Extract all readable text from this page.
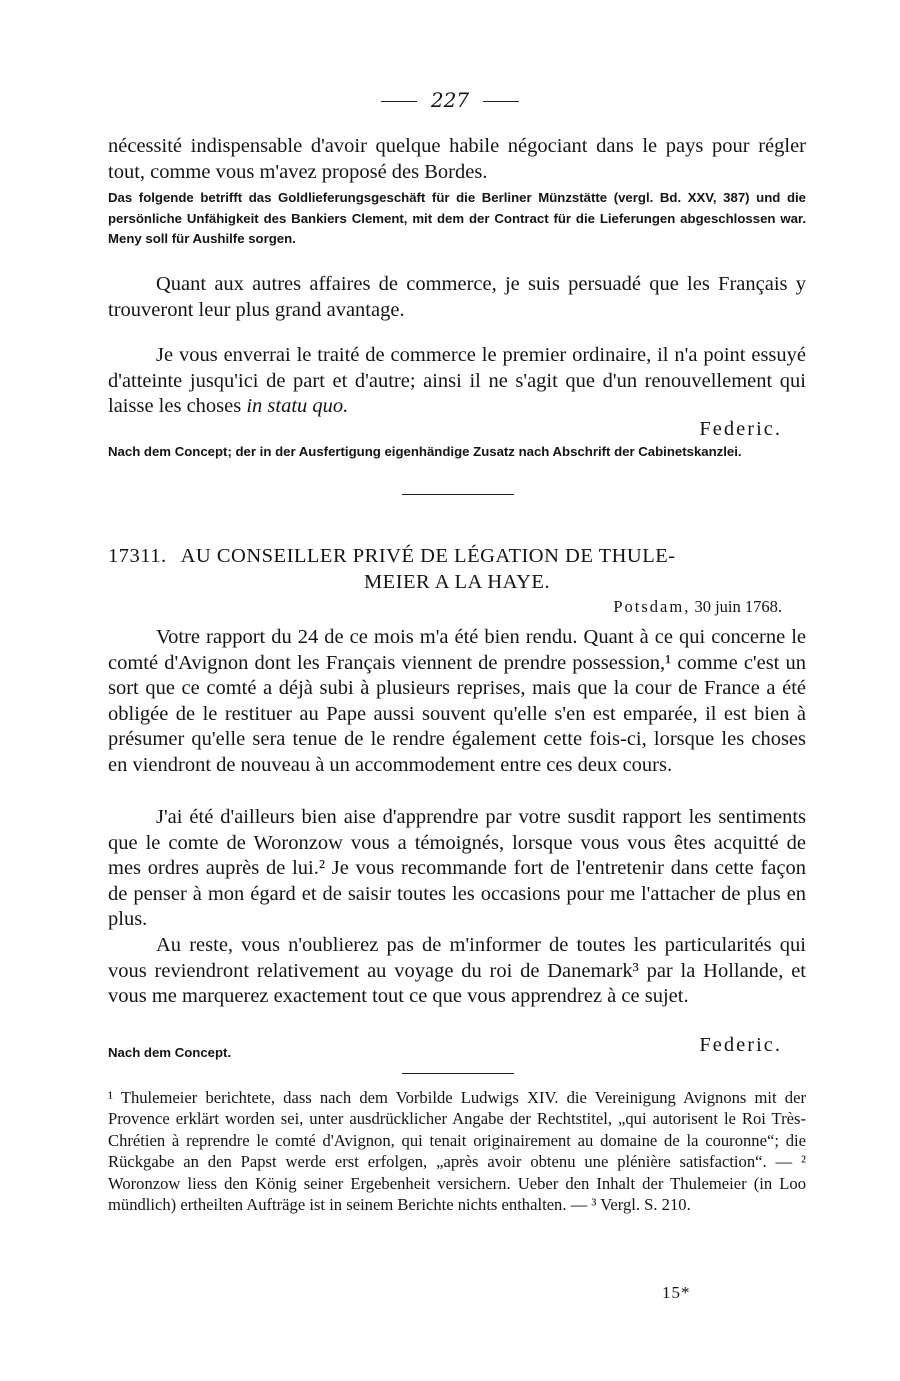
227
nécessité indispensable d'avoir quelque habile négociant dans le pays pour régler tout, comme vous m'avez proposé des Bordes.
Das folgende betrifft das Goldlieferungsgeschäft für die Berliner Münzstätte (vergl. Bd. XXV, 387) und die persönliche Unfähigkeit des Bankiers Clement, mit dem der Contract für die Lieferungen abgeschlossen war. Meny soll für Aushilfe sorgen.
Quant aux autres affaires de commerce, je suis persuadé que les Français y trouveront leur plus grand avantage.
Je vous enverrai le traité de commerce le premier ordinaire, il n'a point essuyé d'atteinte jusqu'ici de part et d'autre; ainsi il ne s'agit que d'un renouvellement qui laisse les choses in statu quo.
Federic.
Nach dem Concept; der in der Ausfertigung eigenhändige Zusatz nach Abschrift der Cabinetskanzlei.
17311. AU CONSEILLER PRIVÉ DE LÉGATION DE THULE-
MEIER A LA HAYE.
Potsdam, 30 juin 1768.
Votre rapport du 24 de ce mois m'a été bien rendu. Quant à ce qui concerne le comté d'Avignon dont les Français viennent de prendre possession,¹ comme c'est un sort que ce comté a déjà subi à plusieurs reprises, mais que la cour de France a été obligée de le restituer au Pape aussi souvent qu'elle s'en est emparée, il est bien à présumer qu'elle sera tenue de le rendre également cette fois-ci, lorsque les choses en viendront de nouveau à un accommodement entre ces deux cours.
J'ai été d'ailleurs bien aise d'apprendre par votre susdit rapport les sentiments que le comte de Woronzow vous a témoignés, lorsque vous vous êtes acquitté de mes ordres auprès de lui.² Je vous recommande fort de l'entretenir dans cette façon de penser à mon égard et de saisir toutes les occasions pour me l'attacher de plus en plus.
Au reste, vous n'oublierez pas de m'informer de toutes les particularités qui vous reviendront relativement au voyage du roi de Danemark³ par la Hollande, et vous me marquerez exactement tout ce que vous apprendrez à ce sujet.
Nach dem Concept.	Federic.
¹ Thulemeier berichtete, dass nach dem Vorbilde Ludwigs XIV. die Vereinigung Avignons mit der Provence erklärt worden sei, unter ausdrücklicher Angabe der Rechtstitel, „qui autorisent le Roi Très-Chrétien à reprendre le comté d'Avignon, qui tenait originairement au domaine de la couronne“; die Rückgabe an den Papst werde erst erfolgen, „après avoir obtenu une plénière satisfaction“. — ² Woronzow liess den König seiner Ergebenheit versichern. Ueber den Inhalt der Thulemeier (in Loo mündlich) ertheilten Aufträge ist in seinem Berichte nichts enthalten. — ³ Vergl. S. 210.
15*
